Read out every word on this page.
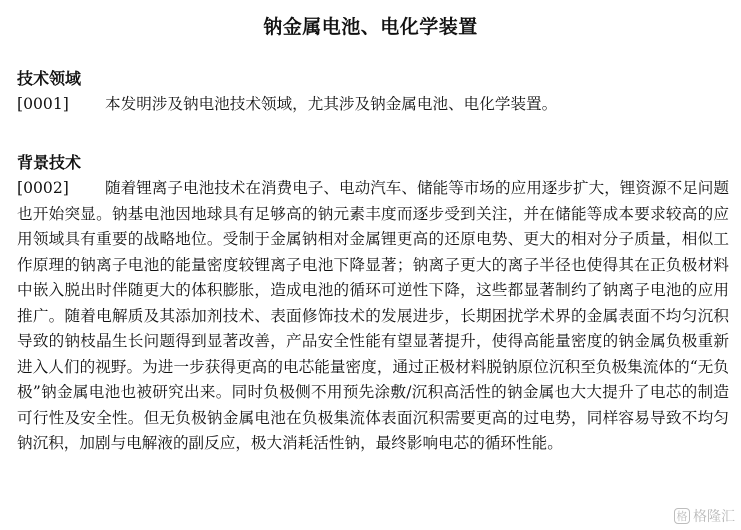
钠金属电池、电化学装置
技术领域
[0001] 本发明涉及钠电池技术领域，尤其涉及钠金属电池、电化学装置。
背景技术
[0002] 随着锂离子电池技术在消费电子、电动汽车、储能等市场的应用逐步扩大，锂资源不足问题也开始突显。钠基电池因地球具有足够高的钠元素丰度而逐步受到关注，并在储能等成本要求较高的应用领域具有重要的战略地位。受制于金属钠相对金属锂更高的还原电势、更大的相对分子质量，相似工作原理的钠离子电池的能量密度较锂离子电池下降显著；钠离子更大的离子半径也使得其在正负极材料中嵌入脱出时伴随更大的体积膨胀，造成电池的循环可逆性下降，这些都显著制约了钠离子电池的应用推广。随着电解质及其添加剂技术、表面修饰技术的发展进步，长期困扰学术界的金属表面不均匀沉积导致的钠枝晶生长问题得到显著改善，产品安全性能有望显著提升，使得高能量密度的钠金属负极重新进入人们的视野。为进一步获得更高的电芯能量密度，通过正极材料脱钠原位沉积至负极集流体的“无负极”钠金属电池也被研究出来。同时负极侧不用预先涂敷/沉积高活性的钠金属也大大提升了电芯的制造可行性及安全性。但无负极钠金属电池在负极集流体表面沉积需要更高的过电势，同样容易导致不均匀钠沉积，加剧与电解液的副反应，极大消耗活性钠，最终影响电芯的循环性能。
格 格隆汇
